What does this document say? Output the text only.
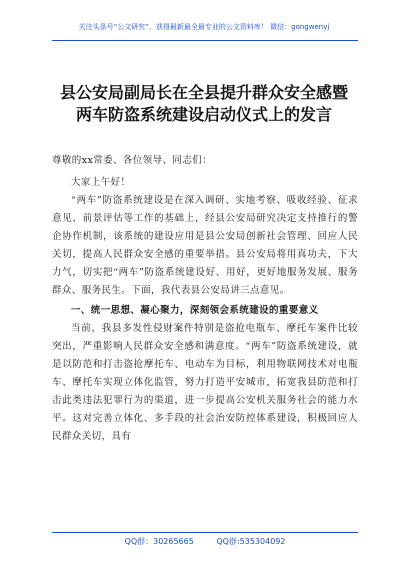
关注头条号“公文研究”，获得最新最全最专业的公文资料库！ 微信：gongwenyj
县公安局副局长在全县提升群众安全感暨
两车防盗系统建设启动仪式上的发言

尊敬的xx常委、各位领导、同志们：

大家上午好！

“两车”防盗系统建设是在深入调研、实地考察、吸收经验、征求意见、前景评估等工作的基础上，经县公安局研究决定支持推行的警企协作机制，该系统的建设应用是县公安局创新社会管理、回应人民关切，提高人民群众安全感的重要举措。县公安局将用真功夫，下大力气，切实把“两车”防盗系统建设好、用好，更好地服务发展、服务群众、服务民生。下面，我代表县公安局讲三点意见。

一、统一思想、凝心聚力，深刻领会系统建设的重要意义

当前，我县多发性侵财案件特别是盗抢电瓶车、摩托车案件比较突出，严重影响人民群众安全感和满意度。“两车”防盗系统建设，就是以防范和打击盗抢摩托车、电动车为目标，利用物联网技术对电瓶车、摩托车实现立体化监管，努力打造平安城市，拓宽我县防范和打击此类违法犯罪行为的渠道，进一步提高公安机关服务社会的能力水平。这对完善立体化、多手段的社会治安防控体系建设，积极回应人民群众关切，具有

QQ群：30265665	QQ群:535304092
